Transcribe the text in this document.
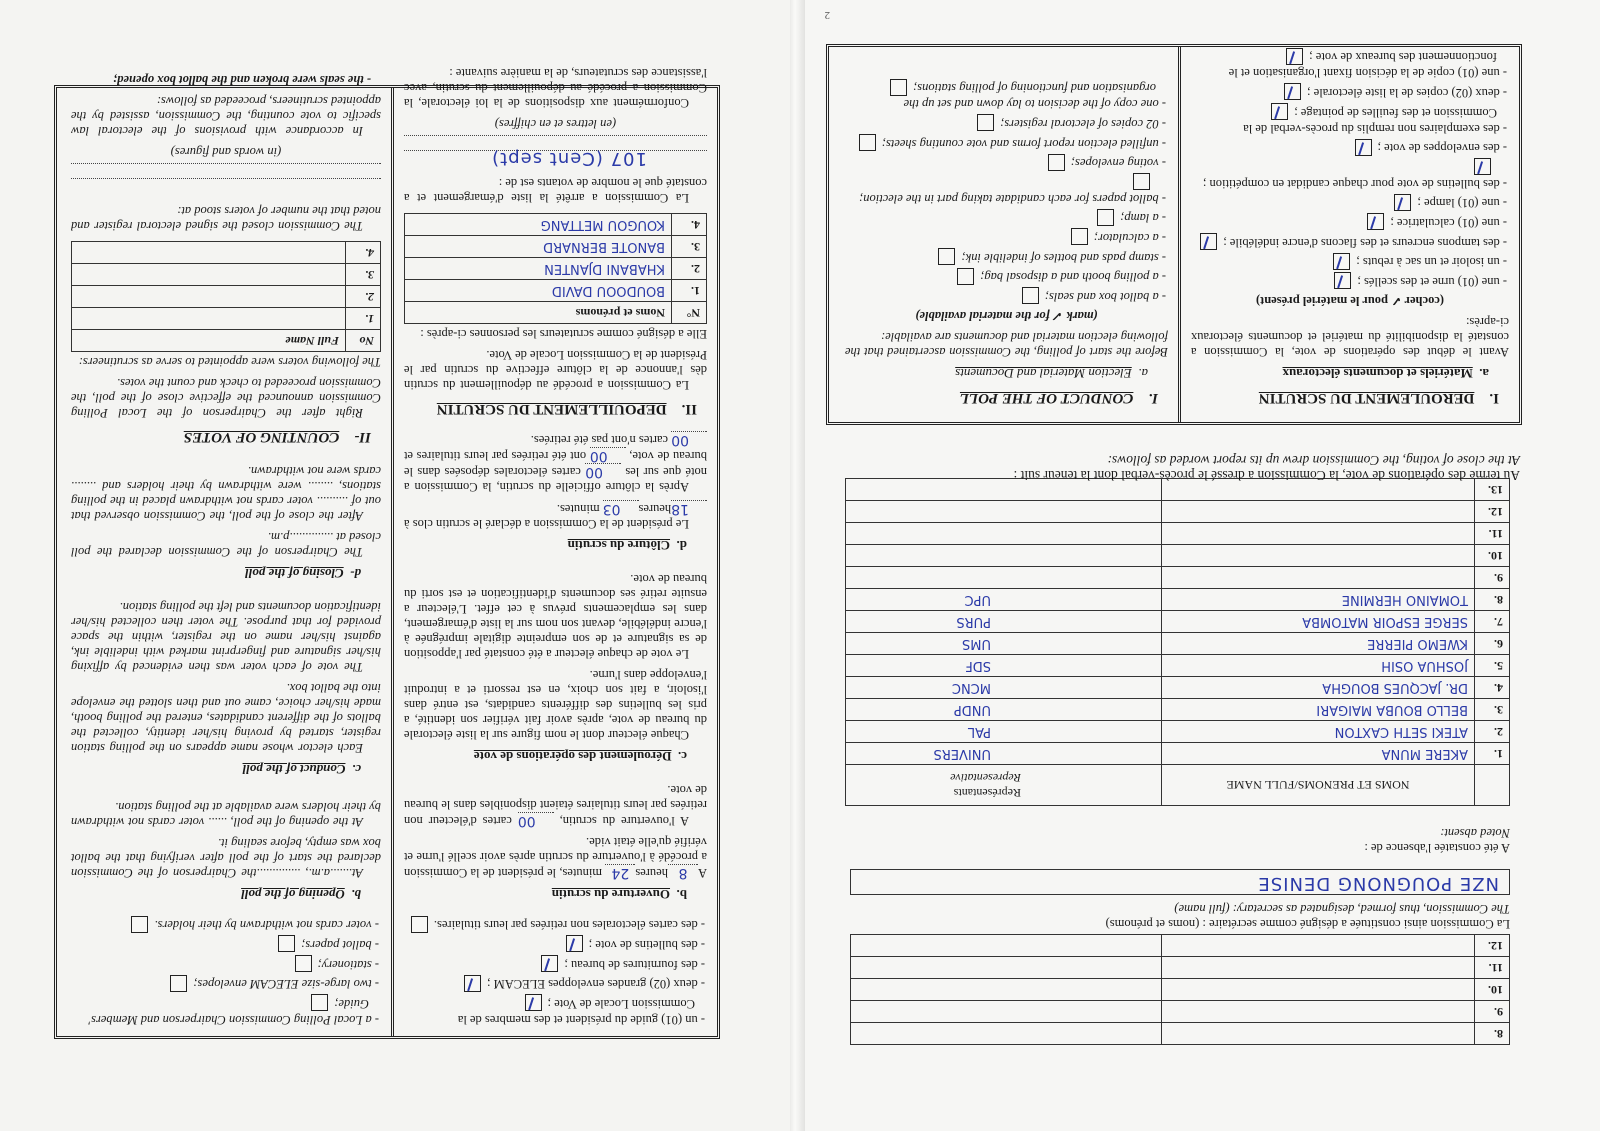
2
8.		
9.		
10.		
11.		
12.		

La Commission ainsi constituée a désigné comme secrétaire : (noms et prénoms)

The Commission, thus formed, designated as secretary: (full name)

NZE POUGNONG DENISE

A été constatée l'absence de :

Noted absent:

	NOMS ET PRENOMS/FULL NAME	Représentants
Representative

1.	AKERE MUNA	UNIVERS
2.	ATEKI SETH CAXTON	PAL
3.	BELLO BOUBA MAIGARI	UNDP
4.	DR. JACQUES BOUGHA	MCNC
5.	JOSHUA OSIH	SDF
6.	KWEMO PIERRE	UMS
7.	SERGE ESPOIR MATOMBA	PURS
8.	TOMAINO HERMINE	UPC
9.		
10.		
11.		
12.		
13.		

Au terme des opérations de vote, la Commission a dressé le procès-verbal dont la teneur suit :

At the close of voting, the Commission drew up its report worded as follows:

I.    DEROULEMENT DU SCRUTIN
a.  Matériels et documents électoraux

Avant le début des opérations de vote, la Commission a constaté la disponibilité du matériel et documents électoraux ci-après:

(cocher ✓ pour le matériel présent)

- une (01) urne et des scellés ;
- un isoloir et un sac à rebuts ;
- des tampons encreurs et des flacons d'encre indélébile ;
- une (01) calculatrice ;
- une (01) lampe ;
- des bulletins de vote pour chaque candidat en compétition ;
- des enveloppes de vote ;
- des exemplaires non remplis du procès-verbal de la Commission et des feuilles de pointage ;
- deux (02) copies de la liste électorale ;
- une (01) copie de la décision fixant l'organisation et le fonctionnement des bureaux de vote ;
I.    CONDUCT OF THE POLL
a.  Election Material and Documents

Before the start of polling, the Commission ascertained that the following election material and documents are available:

(mark ✓ for the material available)

- a ballot box and seals;
- a polling booth and a disposal bag;
- stamp pads and bottles of indelible ink;
- a calculator;
- a lamp;
- ballot papers for each candidate taking part in the election;
- voting envelopes;
- unfilled election report forms and vote counting sheets;
- 02 copies of electoral registers;
- one copy of the decision to lay down and set up the organisation and functioning of polling stations;
- un (01) guide du président et des membres de la Commission Locale de Vote ;
- deux (02) grandes enveloppes ELECAM ;
- des fournitures de bureau ;
- des bulletins de vote ;
- des cartes électorales non retirées par leurs titulaires.
b.  Ouverture du scrutin

A8heures24 minutes, le président de la Commission a procédé à l'ouverture du scrutin après avoir scellé l'urne et vérifié qu'elle était vide.

A l'ouverture du scrutin, 00 cartes d'électeur non retirées par leurs titulaires étaient disponibles dans le bureau de vote.

c.  Déroulement des opérations de vote

Chaque électeur dont le nom figure sur la liste électorale du bureau de vote, après avoir fait vérifier son identité, a pris les bulletins des différents candidats, est entré dans l'isoloir, a fait son choix, en est ressorti et a introduit l'enveloppe dans l'urne.

Le vote de chaque électeur a été constaté par l'apposition de sa signature et de son empreinte digitale imprégnée à l'encre indélébile, devant son nom sur la liste d'émargement, dans les emplacements prévus à cet effet. L'électeur a ensuite retiré ses documents d'identification et est sorti du bureau de vote.

d.  Clôture du scrutin

Le président de la Commission a déclaré le scrutin clos à 18heures03 minutes.

Après la clôture officielle du scrutin, la Commission a noté que sur les 00 cartes électorales déposées dans le bureau de vote, 00 ont été retirées par leurs titulaires et 00 cartes n'ont pas été retirées.

II.    DEPOUILLEMENT DU SCRUTIN

La Commission a procédé au dépouillement du scrutin dès l'annonce de la clôture effective du scrutin par le Président de la Commission Locale de Vote.

Elle a désigné comme scrutateurs les personnes ci-après :

N°	Noms et prénoms
1.	BOUDOOU DAVID
2.	KHABANI DJANTEN
3.	BANOTE BERNARD
4.	KOUGOU METTANG

La Commission a arrêté la liste d'émargement et a constaté que le nombre de votants est de :

107 (Cent sept)

(en lettres et en chiffres)

Conformément aux dispositions de la loi électorale, la Commission a procédé au dépouillement du scrutin, avec l'assistance des scrutateurs, de la manière suivante :

- a Local Polling Commission Chairperson and Members' Guide;
- two large-size ELECAM envelopes;
- stationery;
- ballot papers;
- voter cards not withdrawn by their holders.
b.  Opening of the poll

At.......a.m., ..............the Chairperson of the Commission declared the start of the poll after verifying that the ballot box was empty, before sealing it.

At the opening of the poll, ...... voter cards not withdrawn by their holders were available at the polling station.

c.  Conduct of the poll

Each elector whose name appears on the polling station register, started by proving his/her identity, collected the ballots of the different candidates, entered the polling booth, made his/her choice, came out and then slotted the envelope into the ballot box.

The vote of each voter was then evidenced by affixing his/her signature and fingerprint marked with indelible ink, against his/her name on the register, within the space provided for that purpose. The voter then collected his/her identification documents and left the polling station.

d-  Closing of the poll

The Chairperson of the Commission declared the poll closed at ..............p.m.

After the close of the poll, the Commission observed that out of .......... voter cards not withdrawn placed in the polling stations, ........ were withdrawn by their holders and ........ cards were not withdrawn.

II-    COUNTING OF VOTES

Right after the Chairperson of the Local Polling Commission announced the effective close of the poll, the Commission proceeded to check and count the votes.

The following voters were appointed to serve as scrutineers:

No	Full Name
1.	
2.	
3.	
4.	

The Commission closed the signed electoral register and noted that the number of voters stood at:

(in words and figures)

In accordance with provisions of the electoral law specific to vote counting, the Commission, assisted by the appointed scrutineers, proceeded as follows:

- the seals were broken and the ballot box opened;
